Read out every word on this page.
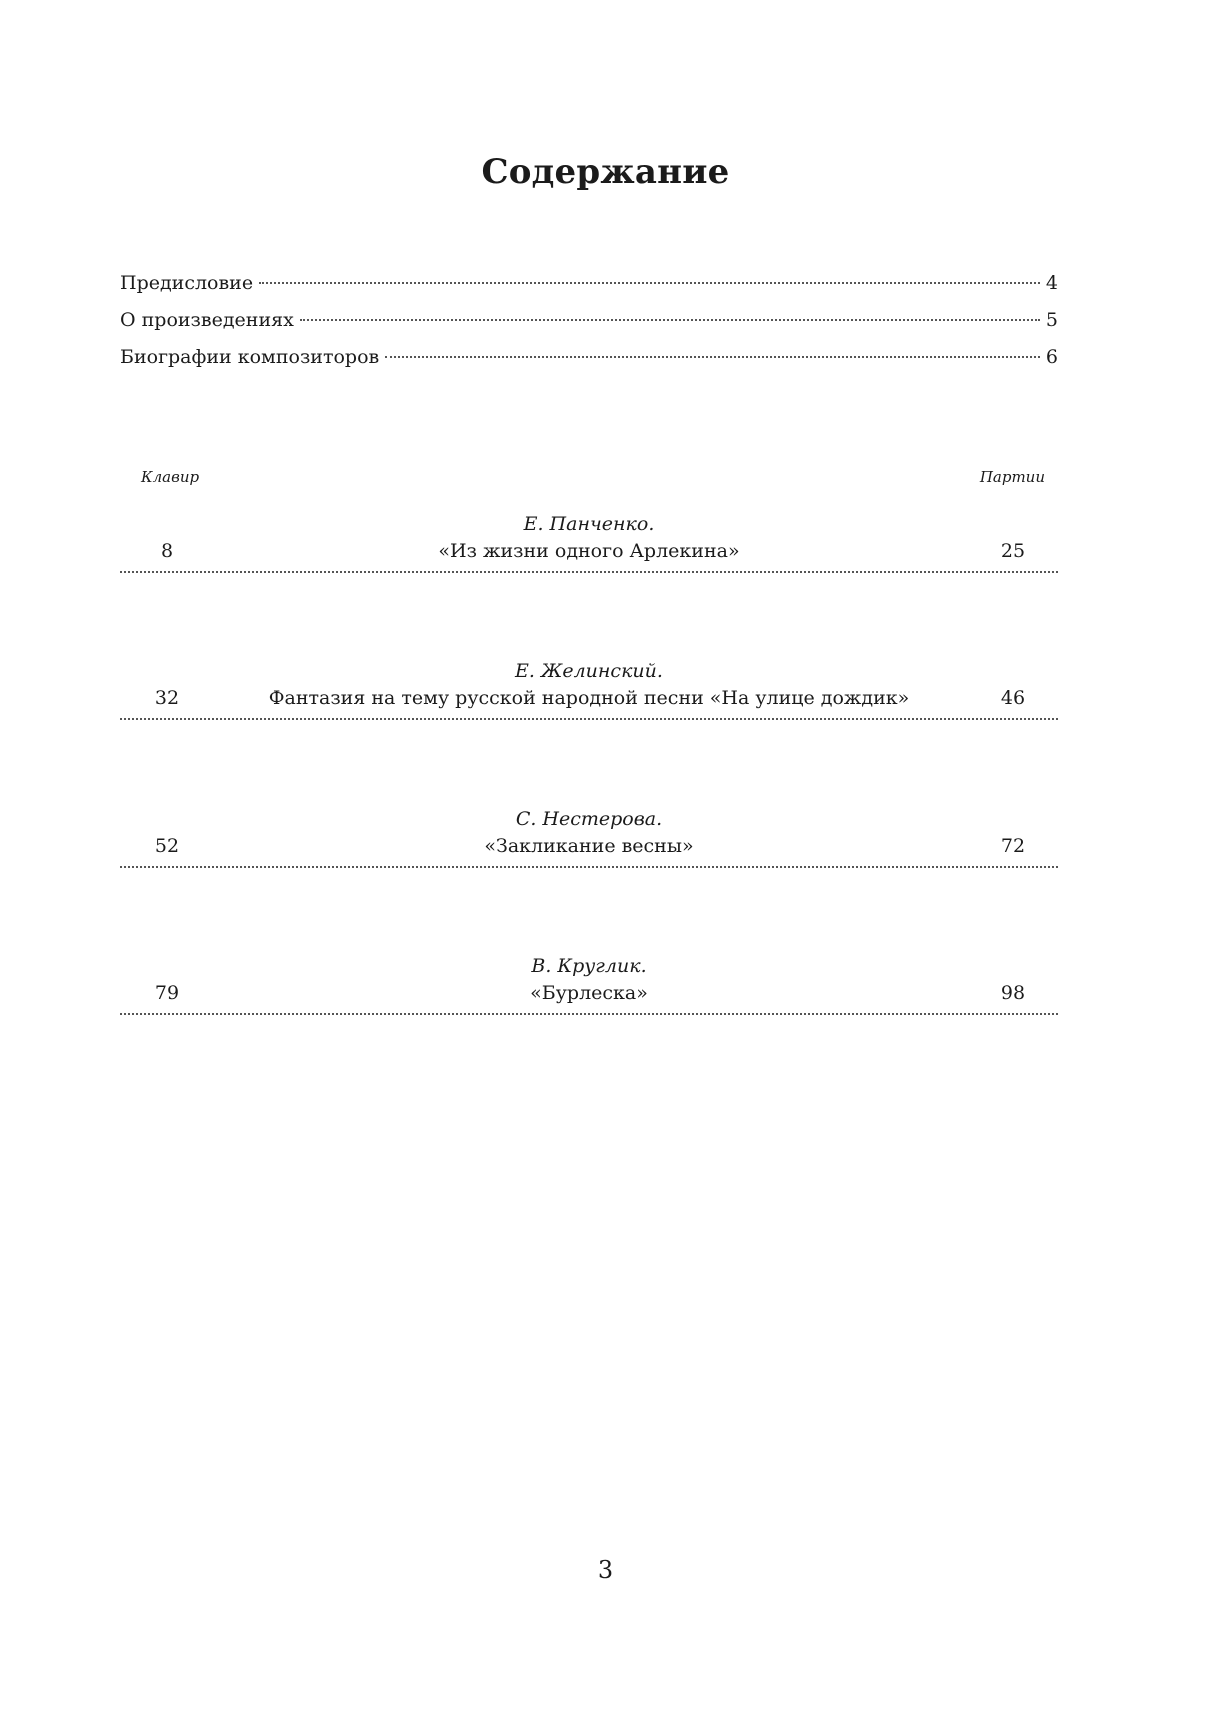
Содержание
Предисловие	4
О произведениях	5
Биографии композиторов	6
Клавир	Партии
Е. Панченко.
8	«Из жизни одного Арлекина»	25
Е. Желинский.
32	Фантазия на тему русской народной песни «На улице дождик»	46
С. Нестерова.
52	«Закликание весны»	72
В. Круглик.
79	«Бурлеска»	98
3
